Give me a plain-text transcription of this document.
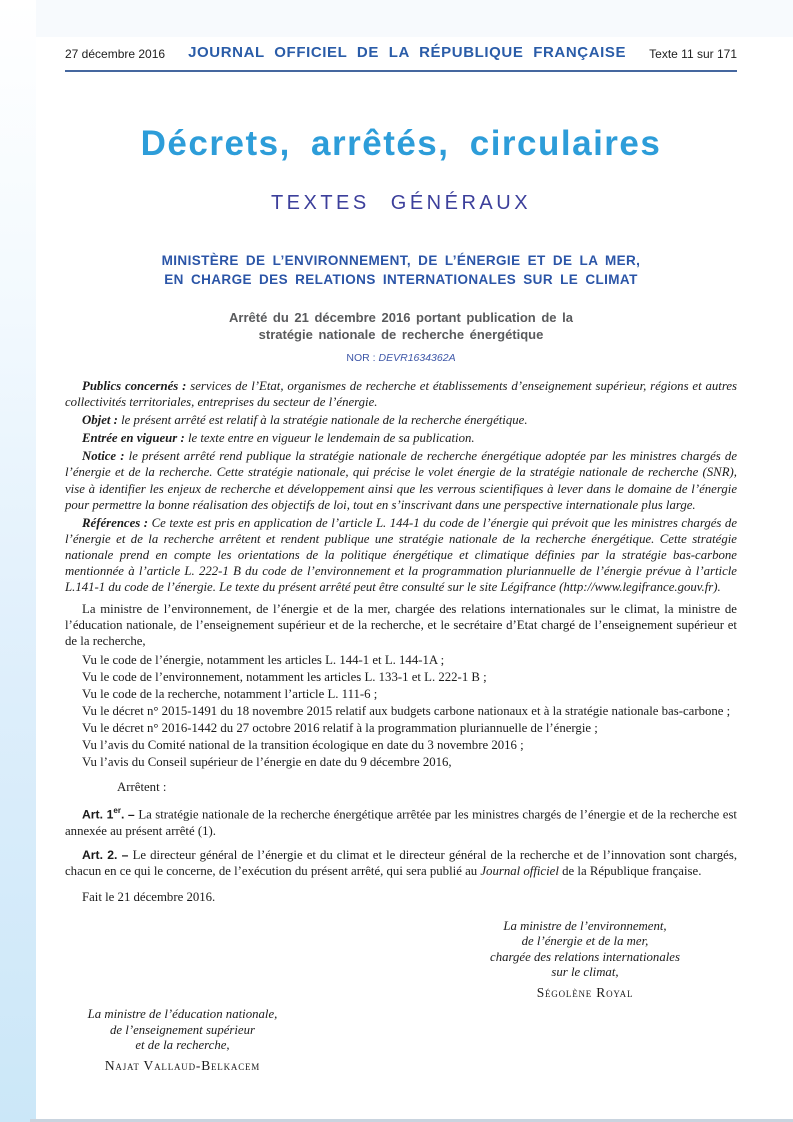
27 décembre 2016 JOURNAL OFFICIEL DE LA RÉPUBLIQUE FRANÇAISE Texte 11 sur 171
Décrets, arrêtés, circulaires
TEXTES GÉNÉRAUX
MINISTÈRE DE L’ENVIRONNEMENT, DE L’ÉNERGIE ET DE LA MER,
EN CHARGE DES RELATIONS INTERNATIONALES SUR LE CLIMAT
Arrêté du 21 décembre 2016 portant publication de la
stratégie nationale de recherche énergétique
NOR : DEVR1634362A

Publics concernés : services de l’Etat, organismes de recherche et établissements d’enseignement supérieur, régions et autres collectivités territoriales, entreprises du secteur de l’énergie.

Objet : le présent arrêté est relatif à la stratégie nationale de la recherche énergétique.

Entrée en vigueur : le texte entre en vigueur le lendemain de sa publication.

Notice : le présent arrêté rend publique la stratégie nationale de recherche énergétique adoptée par les ministres chargés de l’énergie et de la recherche. Cette stratégie nationale, qui précise le volet énergie de la stratégie nationale de recherche (SNR), vise à identifier les enjeux de recherche et développement ainsi que les verrous scientifiques à lever dans le domaine de l’énergie pour permettre la bonne réalisation des objectifs de loi, tout en s’inscrivant dans une perspective internationale plus large.

Références : Ce texte est pris en application de l’article L. 144-1 du code de l’énergie qui prévoit que les ministres chargés de l’énergie et de la recherche arrêtent et rendent publique une stratégie nationale de la recherche énergétique. Cette stratégie nationale prend en compte les orientations de la politique énergétique et climatique définies par la stratégie bas-carbone mentionnée à l’article L. 222-1 B du code de l’environnement et la programmation pluriannuelle de l’énergie prévue à l’article L.141-1 du code de l’énergie. Le texte du présent arrêté peut être consulté sur le site Légifrance (http://www.legifrance.gouv.fr).

La ministre de l’environnement, de l’énergie et de la mer, chargée des relations internationales sur le climat, la ministre de l’éducation nationale, de l’enseignement supérieur et de la recherche, et le secrétaire d’Etat chargé de l’enseignement supérieur et de la recherche,

Vu le code de l’énergie, notamment les articles L. 144-1 et L. 144-1A ;

Vu le code de l’environnement, notamment les articles L. 133-1 et L. 222-1 B ;

Vu le code de la recherche, notamment l’article L. 111-6 ;

Vu le décret n° 2015-1491 du 18 novembre 2015 relatif aux budgets carbone nationaux et à la stratégie nationale bas-carbone ;

Vu le décret n° 2016-1442 du 27 octobre 2016 relatif à la programmation pluriannuelle de l’énergie ;

Vu l’avis du Comité national de la transition écologique en date du 3 novembre 2016 ;

Vu l’avis du Conseil supérieur de l’énergie en date du 9 décembre 2016,

Arrêtent :

Art. 1er. – La stratégie nationale de la recherche énergétique arrêtée par les ministres chargés de l’énergie et de la recherche est annexée au présent arrêté (1).

Art. 2. – Le directeur général de l’énergie et du climat et le directeur général de la recherche et de l’innovation sont chargés, chacun en ce qui le concerne, de l’exécution du présent arrêté, qui sera publié au Journal officiel de la République française.

Fait le 21 décembre 2016.

La ministre de l’environnement,
de l’énergie et de la mer,
chargée des relations internationales
sur le climat,
Ségolène Royal
La ministre de l’éducation nationale,
de l’enseignement supérieur
et de la recherche,
Najat Vallaud-Belkacem
